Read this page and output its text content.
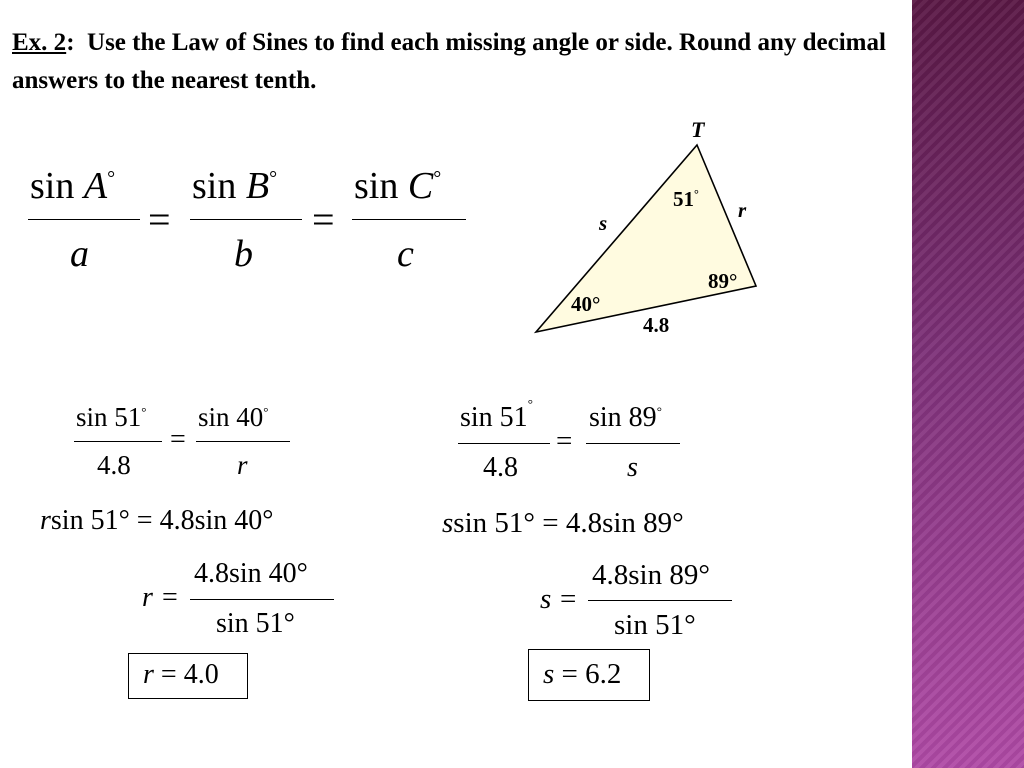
Ex. 2: Use the Law of Sines to find each missing angle or side. Round any decimal answers to the nearest tenth.
sin A°
a
=
sin B°
b
=
sin C°
c
T
s
r
51°
89°
40°
4.8
sin 51°
4.8
=
sin 40°
r
rsin 51° = 4.8sin 40°
r =
4.8sin 40°
sin 51°
r = 4.0
sin 51°
4.8
=
sin 89°
s
ssin 51° = 4.8sin 89°
s =
4.8sin 89°
sin 51°
s = 6.2
